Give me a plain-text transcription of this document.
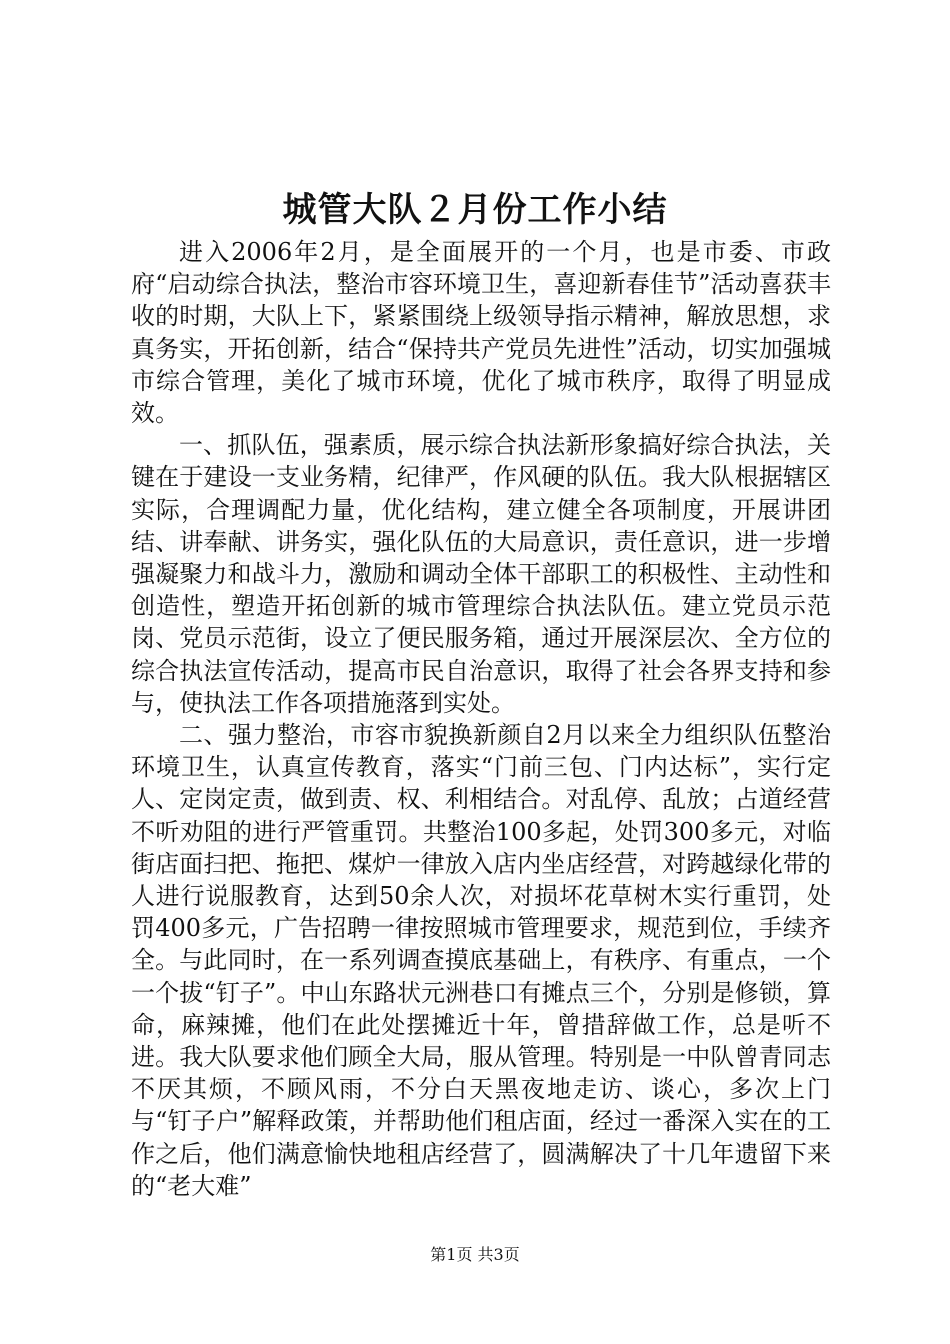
城管大队２月份工作小结

进入2006年2月，是全面展开的一个月，也是市委、市政府“启动综合执法，整治市容环境卫生，喜迎新春佳节”活动喜获丰收的时期，大队上下，紧紧围绕上级领导指示精神，解放思想，求真务实，开拓创新，结合“保持共产党员先进性”活动，切实加强城市综合管理，美化了城市环境，优化了城市秩序，取得了明显成效。

一、抓队伍，强素质，展示综合执法新形象搞好综合执法，关键在于建设一支业务精，纪律严，作风硬的队伍。我大队根据辖区实际，合理调配力量，优化结构，建立健全各项制度，开展讲团结、讲奉献、讲务实，强化队伍的大局意识，责任意识，进一步增强凝聚力和战斗力，激励和调动全体干部职工的积极性、主动性和创造性，塑造开拓创新的城市管理综合执法队伍。建立党员示范岗、党员示范街，设立了便民服务箱，通过开展深层次、全方位的综合执法宣传活动，提高市民自治意识，取得了社会各界支持和参与，使执法工作各项措施落到实处。

二、强力整治，市容市貌换新颜自2月以来全力组织队伍整治环境卫生，认真宣传教育，落实“门前三包、门内达标”，实行定人、定岗定责，做到责、权、利相结合。对乱停、乱放；占道经营不听劝阻的进行严管重罚。共整治100多起，处罚300多元，对临街店面扫把、拖把、煤炉一律放入店内坐店经营，对跨越绿化带的人进行说服教育，达到50余人次，对损坏花草树木实行重罚，处罚400多元，广告招聘一律按照城市管理要求，规范到位，手续齐全。与此同时，在一系列调查摸底基础上，有秩序、有重点，一个一个拔“钉子”。中山东路状元洲巷口有摊点三个，分别是修锁，算命，麻辣摊，他们在此处摆摊近十年，曾措辞做工作，总是听不进。我大队要求他们顾全大局，服从管理。特别是一中队曾青同志不厌其烦，不顾风雨，不分白天黑夜地走访、谈心，多次上门与“钉子户”解释政策，并帮助他们租店面，经过一番深入实在的工作之后，他们满意愉快地租店经营了，圆满解决了十几年遗留下来的“老大难”

第1页 共3页
